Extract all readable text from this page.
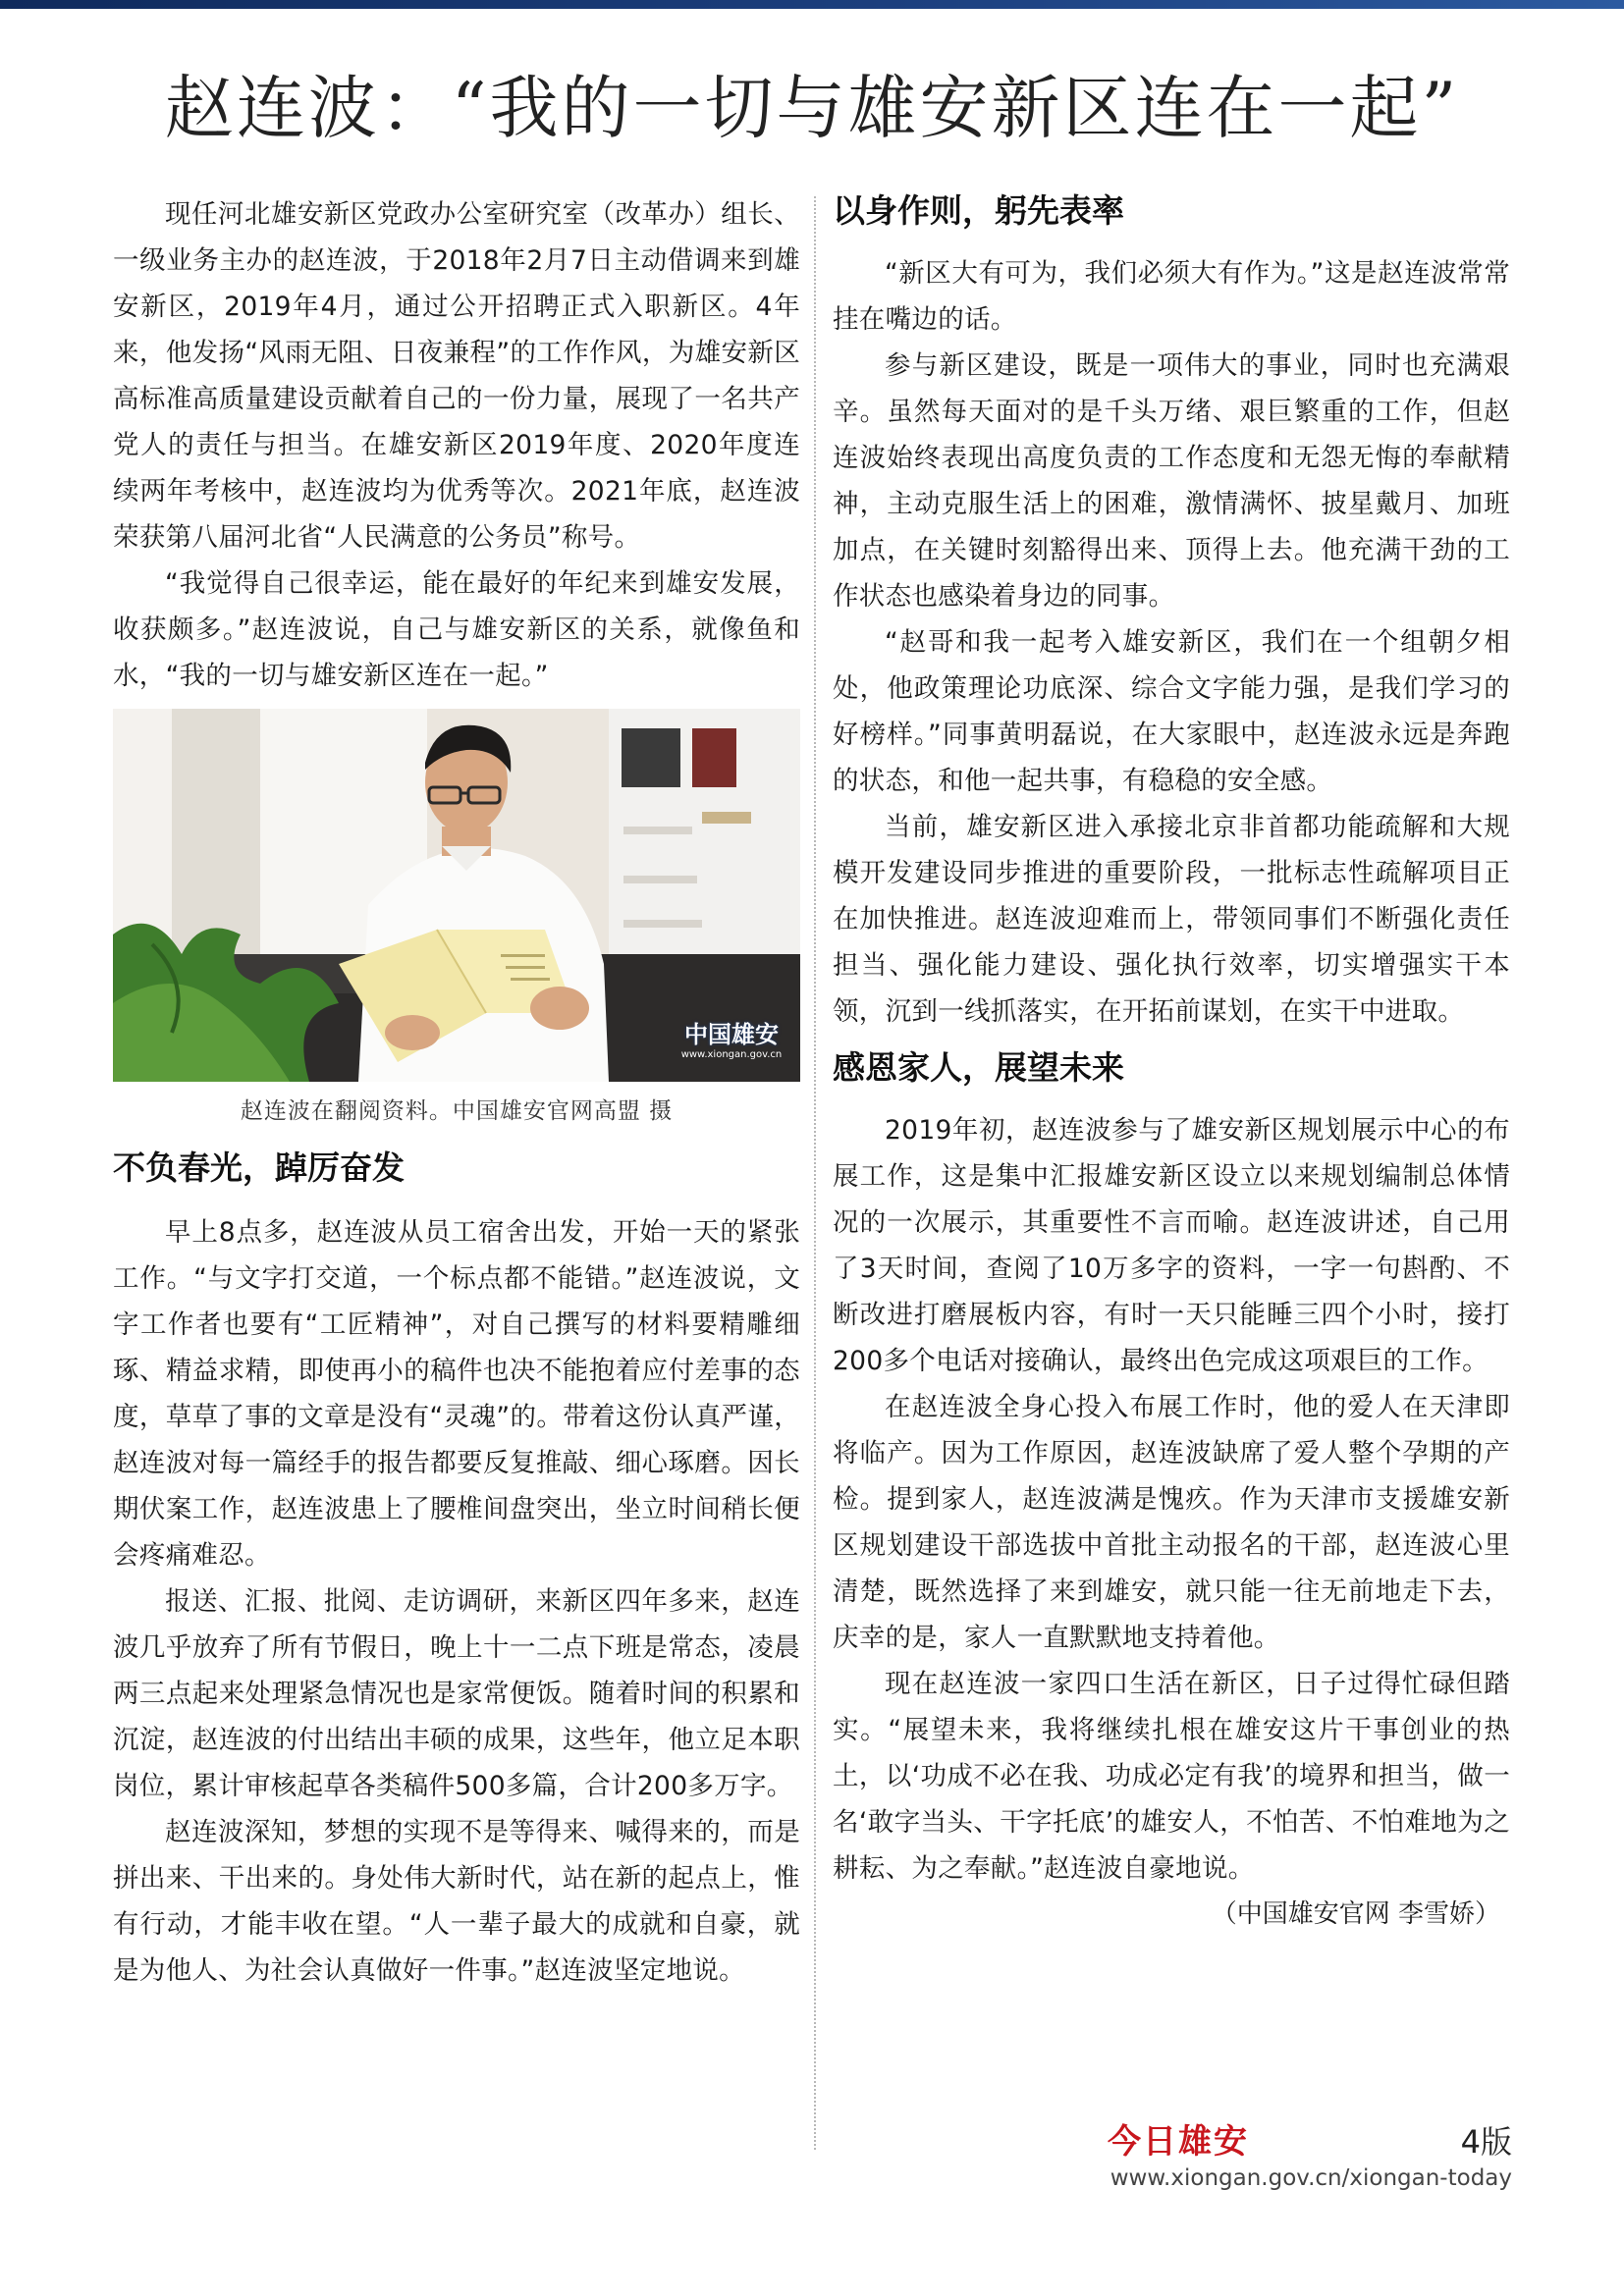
赵连波：“我的一切与雄安新区连在一起”

现任河北雄安新区党政办公室研究室（改革办）组长、一级业务主办的赵连波，于2018年2月7日主动借调来到雄安新区，2019年4月，通过公开招聘正式入职新区。4年来，他发扬“风雨无阻、日夜兼程”的工作作风，为雄安新区高标准高质量建设贡献着自己的一份力量，展现了一名共产党人的责任与担当。在雄安新区2019年度、2020年度连续两年考核中，赵连波均为优秀等次。2021年底，赵连波荣获第八届河北省“人民满意的公务员”称号。

“我觉得自己很幸运，能在最好的年纪来到雄安发展，收获颇多。”赵连波说，自己与雄安新区的关系，就像鱼和水，“我的一切与雄安新区连在一起。”

中国雄安
www.xiongan.gov.cn

赵连波在翻阅资料。中国雄安官网高盟 摄

不负春光，踔厉奋发

早上8点多，赵连波从员工宿舍出发，开始一天的紧张工作。“与文字打交道，一个标点都不能错。”赵连波说，文字工作者也要有“工匠精神”，对自己撰写的材料要精雕细琢、精益求精，即使再小的稿件也决不能抱着应付差事的态度，草草了事的文章是没有“灵魂”的。带着这份认真严谨，赵连波对每一篇经手的报告都要反复推敲、细心琢磨。因长期伏案工作，赵连波患上了腰椎间盘突出，坐立时间稍长便会疼痛难忍。

报送、汇报、批阅、走访调研，来新区四年多来，赵连波几乎放弃了所有节假日，晚上十一二点下班是常态，凌晨两三点起来处理紧急情况也是家常便饭。随着时间的积累和沉淀，赵连波的付出结出丰硕的成果，这些年，他立足本职岗位，累计审核起草各类稿件500多篇，合计200多万字。

赵连波深知，梦想的实现不是等得来、喊得来的，而是拼出来、干出来的。身处伟大新时代，站在新的起点上，惟有行动，才能丰收在望。“人一辈子最大的成就和自豪，就是为他人、为社会认真做好一件事。”赵连波坚定地说。

以身作则，躬先表率

“新区大有可为，我们必须大有作为。”这是赵连波常常挂在嘴边的话。

参与新区建设，既是一项伟大的事业，同时也充满艰辛。虽然每天面对的是千头万绪、艰巨繁重的工作，但赵连波始终表现出高度负责的工作态度和无怨无悔的奉献精神，主动克服生活上的困难，激情满怀、披星戴月、加班加点，在关键时刻豁得出来、顶得上去。他充满干劲的工作状态也感染着身边的同事。

“赵哥和我一起考入雄安新区，我们在一个组朝夕相处，他政策理论功底深、综合文字能力强，是我们学习的好榜样。”同事黄明磊说，在大家眼中，赵连波永远是奔跑的状态，和他一起共事，有稳稳的安全感。

当前，雄安新区进入承接北京非首都功能疏解和大规模开发建设同步推进的重要阶段，一批标志性疏解项目正在加快推进。赵连波迎难而上，带领同事们不断强化责任担当、强化能力建设、强化执行效率，切实增强实干本领，沉到一线抓落实，在开拓前谋划，在实干中进取。

感恩家人，展望未来

2019年初，赵连波参与了雄安新区规划展示中心的布展工作，这是集中汇报雄安新区设立以来规划编制总体情况的一次展示，其重要性不言而喻。赵连波讲述，自己用了3天时间，查阅了10万多字的资料，一字一句斟酌、不断改进打磨展板内容，有时一天只能睡三四个小时，接打200多个电话对接确认，最终出色完成这项艰巨的工作。

在赵连波全身心投入布展工作时，他的爱人在天津即将临产。因为工作原因，赵连波缺席了爱人整个孕期的产检。提到家人，赵连波满是愧疚。作为天津市支援雄安新区规划建设干部选拔中首批主动报名的干部，赵连波心里清楚，既然选择了来到雄安，就只能一往无前地走下去，庆幸的是，家人一直默默地支持着他。

现在赵连波一家四口生活在新区，日子过得忙碌但踏实。“展望未来，我将继续扎根在雄安这片干事创业的热土，以‘功成不必在我、功成必定有我’的境界和担当，做一名‘敢字当头、干字托底’的雄安人，不怕苦、不怕难地为之耕耘、为之奉献。”赵连波自豪地说。

（中国雄安官网 李雪娇）

今日雄安	4版
www.xiongan.gov.cn/xiongan-today
